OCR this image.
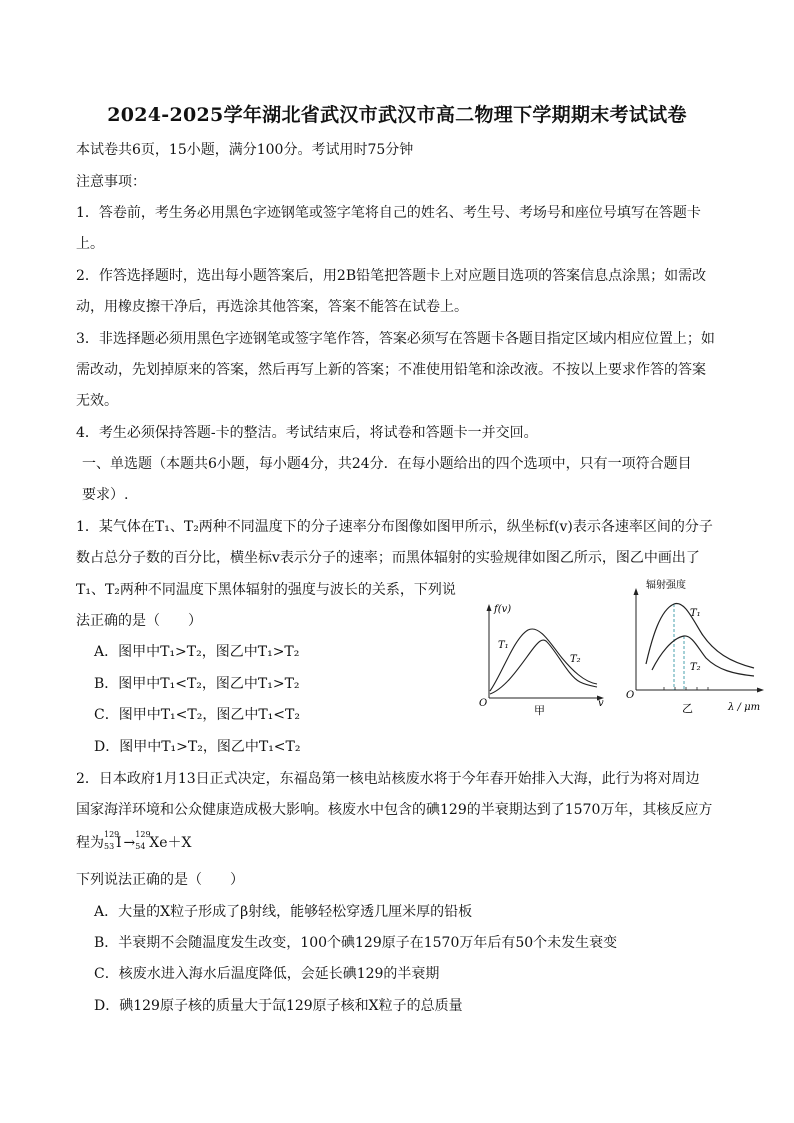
2024-2025学年湖北省武汉市武汉市高二物理下学期期末考试试卷
本试卷共6页，15小题，满分100分。考试用时75分钟
注意事项：
1．答卷前，考生务必用黑色字迹钢笔或签字笔将自己的姓名、考生号、考场号和座位号填写在答题卡
上。
2．作答选择题时，选出每小题答案后，用2B铅笔把答题卡上对应题目选项的答案信息点涂黑；如需改
动，用橡皮擦干净后，再选涂其他答案，答案不能答在试卷上。
3．非选择题必须用黑色字迹钢笔或签字笔作答，答案必须写在答题卡各题目指定区域内相应位置上；如
需改动，先划掉原来的答案，然后再写上新的答案；不准使用铅笔和涂改液。不按以上要求作答的答案
无效。
4．考生必须保持答题-卡的整洁。考试结束后，将试卷和答题卡一并交回。
一、单选题（本题共6小题，每小题4分，共24分．在每小题给出的四个选项中，只有一项符合题目
要求）.
1．某气体在T₁、T₂两种不同温度下的分子速率分布图像如图甲所示，纵坐标f(v)表示各速率区间的分子
数占总分子数的百分比，横坐标v表示分子的速率；而黑体辐射的实验规律如图乙所示，图乙中画出了
T₁、T₂两种不同温度下黑体辐射的强度与波长的关系，下列说
法正确的是（　　）
A．图甲中T₁>T₂，图乙中T₁>T₂
B．图甲中T₁<T₂，图乙中T₁>T₂
C．图甲中T₁<T₂，图乙中T₁<T₂
D．图甲中T₁>T₂，图乙中T₁<T₂
f(v)
v
O
T₁
T₂
甲
辐射强度
λ / μm
O
T₁
T₂
乙
2．日本政府1月13日正式决定，东福岛第一核电站核废水将于今年春开始排入大海，此行为将对周边
国家海洋环境和公众健康造成极大影响。核废水中包含的碘129的半衰期达到了1570万年，其核反应方
程为
129
53 I →
129
54 Xe＋X
下列说法正确的是（　　）
A．大量的X粒子形成了β射线，能够轻松穿透几厘米厚的铅板
B．半衰期不会随温度发生改变，100个碘129原子在1570万年后有50个未发生衰变
C．核废水进入海水后温度降低，会延长碘129的半衰期
D．碘129原子核的质量大于氙129原子核和X粒子的总质量
